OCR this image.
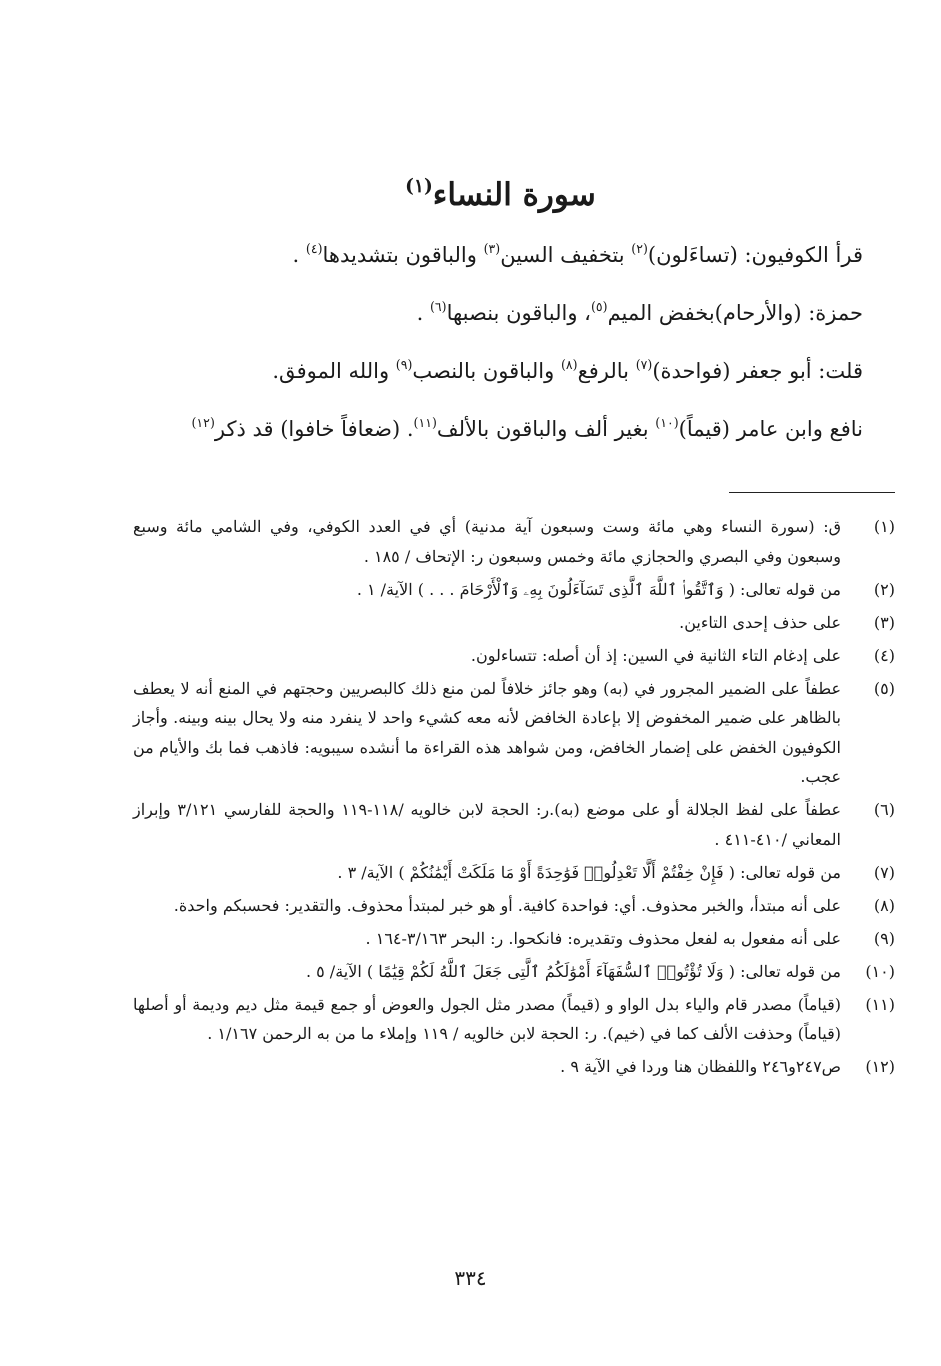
سورة النساء$^{(١)}$

قرأ الكوفيون: (تساءَلون)$^{(٢)}$ بتخفيف السين$^{(٣)}$ والباقون بتشديدها$^{(٤)}$ .

حمزة: (والأرحام)بخفض الميم$^{(٥)}$، والباقون بنصبها$^{(٦)}$ .

قلت: أبو جعفر (فواحدة)$^{(٧)}$ بالرفع$^{(٨)}$ والباقون بالنصب$^{(٩)}$ والله الموفق.

نافع وابن عامر (قيماً)$^{(١٠)}$ بغير ألف والباقون بالألف$^{(١١)}$. (ضعافاً خافوا) قد ذكر$^{(١٢)}$

(١)
ق: (سورة النساء وهي مائة وست وسبعون آية مدنية) أي في العدد الكوفي، وفي الشامي مائة وسبع وسبعون وفي البصري والحجازي مائة وخمس وسبعون ر: الإتحاف / ١٨٥ .
(٢)
من قوله تعالى: ( وَٱتَّقُوا۟ ٱللَّهَ ٱلَّذِى تَسَآءَلُونَ بِهِۦ وَٱلْأَرْحَامَ . . . ) الآية/ ١ .
(٣)
على حذف إحدى التاءين.
(٤)
على إدغام التاء الثانية في السين: إذ أن أصله: تتساءلون.
(٥)
عطفاً على الضمير المجرور في (به) وهو جائز خلافاً لمن منع ذلك كالبصريين وحجتهم في المنع أنه لا يعطف بالظاهر على ضمير المخفوض إلا بإعادة الخافض لأنه معه كشيء واحد لا ينفرد منه ولا يحال بينه وبينه. وأجاز الكوفيون الخفض على إضمار الخافض، ومن شواهد هذه القراءة ما أنشده سيبويه: فاذهب فما بك والأيام من عجب.
(٦)
عطفاً على لفظ الجلالة أو على موضع (به).ر: الحجة لابن خالويه /١١٨-١١٩ والحجة للفارسي ٣/١٢١ وإبراز المعاني /٤١٠-٤١١ .
(٧)
من قوله تعالى: ( فَإِنْ خِفْتُمْ أَلَّا تَعْدِلُوا۟ فَوَٰحِدَةً أَوْ مَا مَلَكَتْ أَيْمَٰنُكُمْ ) الآية/ ٣ .
(٨)
على أنه مبتدأ، والخبر محذوف. أي: فواحدة كافية. أو هو خبر لمبتدأ محذوف. والتقدير: فحسبكم واحدة.
(٩)
على أنه مفعول به لفعل محذوف وتقديره: فانكحوا. ر: البحر ٣/١٦٣-١٦٤ .
(١٠)
من قوله تعالى: ( وَلَا تُؤْتُوا۟ ٱلسُّفَهَآءَ أَمْوَٰلَكُمُ ٱلَّتِى جَعَلَ ٱللَّهُ لَكُمْ قِيَٰمًا ) الآية/ ٥ .
(١١)
(قياماً) مصدر قام والياء بدل الواو و (قيماً) مصدر مثل الجول والعوض أو جمع قيمة مثل ديم وديمة أو أصلها (قياماً) وحذفت الألف كما في (خيم). ر: الحجة لابن خالويه / ١١٩ وإملاء ما من به الرحمن ١/١٦٧ .
(١٢)
ص٢٤٧و٢٤٦ واللفظان هنا وردا في الآية ٩ .

٣٣٤
